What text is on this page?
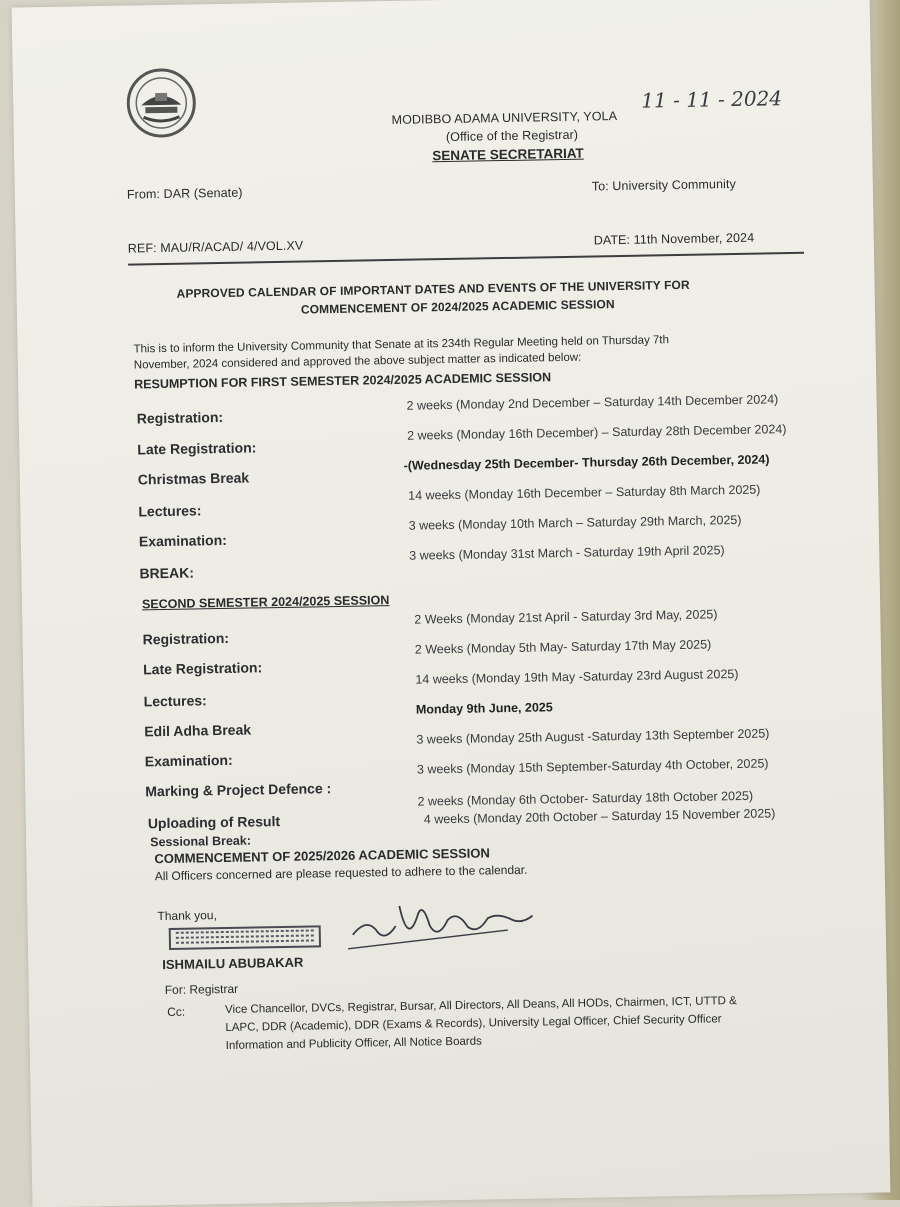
MODIBBO ADAMA UNIVERSITY, YOLA
(Office of the Registrar)
SENATE SECRETARIAT
11 - 11 - 2024
From: DAR (Senate)
To: University Community
REF: MAU/R/ACAD/ 4/VOL.XV	DATE: 11th November, 2024
APPROVED CALENDAR OF IMPORTANT DATES AND EVENTS OF THE UNIVERSITY FOR
COMMENCEMENT OF 2024/2025 ACADEMIC SESSION
This is to inform the University Community that Senate at its 234th Regular Meeting held on Thursday 7th
November, 2024 considered and approved the above subject matter as indicated below:
RESUMPTION FOR FIRST SEMESTER 2024/2025 ACADEMIC SESSION
Registration:
2 weeks (Monday 2nd December – Saturday 14th December 2024)
Late Registration:
2 weeks (Monday 16th December) – Saturday 28th December 2024)
Christmas Break
-(Wednesday 25th December- Thursday 26th December, 2024)
Lectures:
14 weeks (Monday 16th December – Saturday 8th March 2025)
Examination:
3 weeks (Monday 10th March – Saturday 29th March, 2025)
BREAK:
3 weeks (Monday 31st March - Saturday 19th April 2025)
SECOND SEMESTER 2024/2025 SESSION
Registration:
2 Weeks (Monday 21st April - Saturday 3rd May, 2025)
Late Registration:
2 Weeks (Monday 5th May- Saturday 17th May 2025)
Lectures:
14 weeks (Monday 19th May -Saturday 23rd August 2025)
Edil Adha Break
Monday 9th June, 2025
Examination:
3 weeks (Monday 25th August -Saturday 13th September 2025)
Marking & Project Defence :
3 weeks (Monday 15th September-Saturday 4th October, 2025)
Uploading of Result
2 weeks (Monday 6th October- Saturday 18th October 2025)
Sessional Break:
4 weeks (Monday 20th October – Saturday 15 November 2025)
COMMENCEMENT OF 2025/2026 ACADEMIC SESSION
All Officers concerned are please requested to adhere to the calendar.
Thank you,
ISHMAILU ABUBAKAR
For: Registrar
Cc:	Vice Chancellor, DVCs, Registrar, Bursar, All Directors, All Deans, All HODs, Chairmen, ICT, UTTD &
LAPC, DDR (Academic), DDR (Exams & Records), University Legal Officer, Chief Security Officer
Information and Publicity Officer, All Notice Boards
